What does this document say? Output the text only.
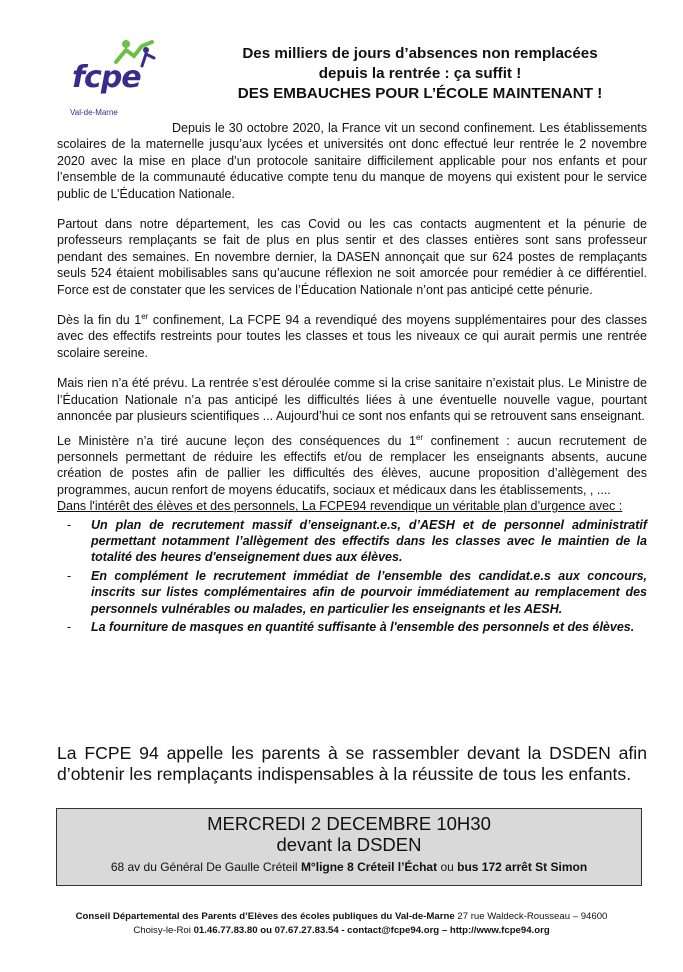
fcpe
Val-de-Marne
Des milliers de jours d’absences non remplacées
depuis la rentrée : ça suffit !
DES EMBAUCHES POUR L’ÉCOLE MAINTENANT !

Depuis le 30 octobre 2020, la France vit un second confinement. Les établissements scolaires de la maternelle jusqu’aux lycées et universités ont donc effectué leur rentrée le 2 novembre 2020 avec la mise en place d’un protocole sanitaire difficilement applicable pour nos enfants et pour l’ensemble de la communauté éducative compte tenu du manque de moyens qui existent pour le service public de L’Éducation Nationale.

Partout dans notre département, les cas Covid ou les cas contacts augmentent et la pénurie de professeurs remplaçants se fait de plus en plus sentir et des classes entières sont sans professeur pendant des semaines. En novembre dernier, la DASEN annonçait que sur 624 postes de remplaçants seuls 524 étaient mobilisables sans qu’aucune réflexion ne soit amorcée pour remédier à ce différentiel. Force est de constater que les services de l’Éducation Nationale n’ont pas anticipé cette pénurie.

Dès la fin du 1er confinement, La FCPE 94 a revendiqué des moyens supplémentaires pour des classes avec des effectifs restreints pour toutes les classes et tous les niveaux ce qui aurait permis une rentrée scolaire sereine.

Mais rien n’a été prévu. La rentrée s’est déroulée comme si la crise sanitaire n’existait plus. Le Ministre de l’Éducation Nationale n’a pas anticipé les difficultés liées à une éventuelle nouvelle vague, pourtant annoncée par plusieurs scientifiques ... Aujourd’hui ce sont nos enfants qui se retrouvent sans enseignant.

Le Ministère n’a tiré aucune leçon des conséquences du 1er confinement : aucun recrutement de personnels permettant de réduire les effectifs et/ou de remplacer les enseignants absents, aucune création de postes afin de pallier les difficultés des élèves, aucune proposition d’allègement des programmes, aucun renfort de moyens éducatifs, sociaux et médicaux dans les établissements, , ....

Dans l'intérêt des élèves et des personnels, La FCPE94 revendique un véritable plan d’urgence avec :

- Un plan de recrutement massif d’enseignant.e.s, d’AESH et de personnel administratif permettant notamment l’allègement des effectifs dans les classes avec le maintien de la totalité des heures d'enseignement dues aux élèves.
- En complément le recrutement immédiat de l’ensemble des candidat.e.s aux concours, inscrits sur listes complémentaires afin de pourvoir immédiatement au remplacement des personnels vulnérables ou malades, en particulier les enseignants et les AESH.
- La fourniture de masques en quantité suffisante à l'ensemble des personnels et des élèves.
La FCPE 94 appelle les parents à se rassembler devant la DSDEN afin d’obtenir les remplaçants indispensables à la réussite de tous les enfants.
MERCREDI 2 DECEMBRE 10H30
devant la DSDEN
68 av du Général De Gaulle Créteil M°ligne 8 Créteil l’Échat ou bus 172 arrêt St Simon
Conseil Départemental des Parents d’Elèves des écoles publiques du Val-de-Marne 27 rue Waldeck-Rousseau – 94600
Choisy-le-Roi 01.46.77.83.80 ou 07.67.27.83.54 - contact@fcpe94.org – http://www.fcpe94.org
